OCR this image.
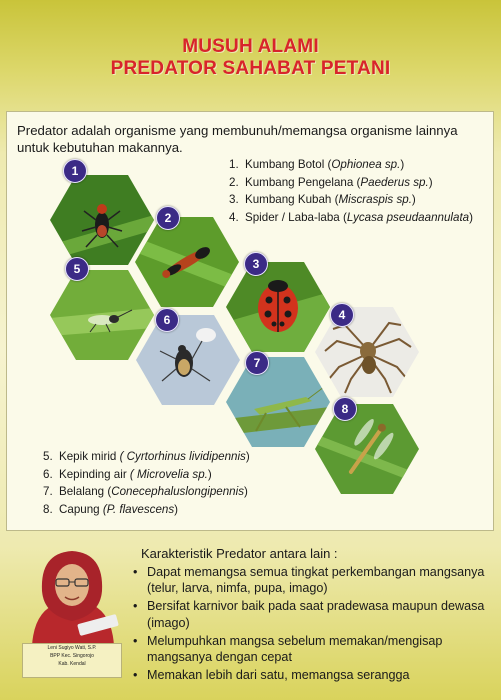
MUSUH ALAMI
PREDATOR SAHABAT PETANI
Predator adalah organisme yang membunuh/memangsa organisme lainnya untuk kebutuhan makannya.
1. Kumbang Botol (Ophionea sp.)
2. Kumbang Pengelana (Paederus sp.)
3. Kumbang Kubah (Miscraspis sp.)
4. Spider / Laba-laba (Lycasa pseudaannulata)
5. Kepik mirid ( Cyrtorhinus lividipennis)
6. Kepinding air ( Microvelia sp.)
7. Belalang (Conecephaluslongipennis)
8. Capung (P. flavescens)
1
2
3
4
5
6
7
8
Leni Sugiyo Wati, S.P.
BPP Kec. Singorojo
Kab. Kendal
Karakteristik Predator antara lain :
• Dapat memangsa semua tingkat perkembangan mangsanya (telur, larva, nimfa, pupa, imago)
• Bersifat karnivor baik pada saat pradewasa maupun dewasa (imago)
• Melumpuhkan mangsa sebelum memakan/mengisap mangsanya dengan cepat
• Memakan lebih dari satu, memangsa serangga
